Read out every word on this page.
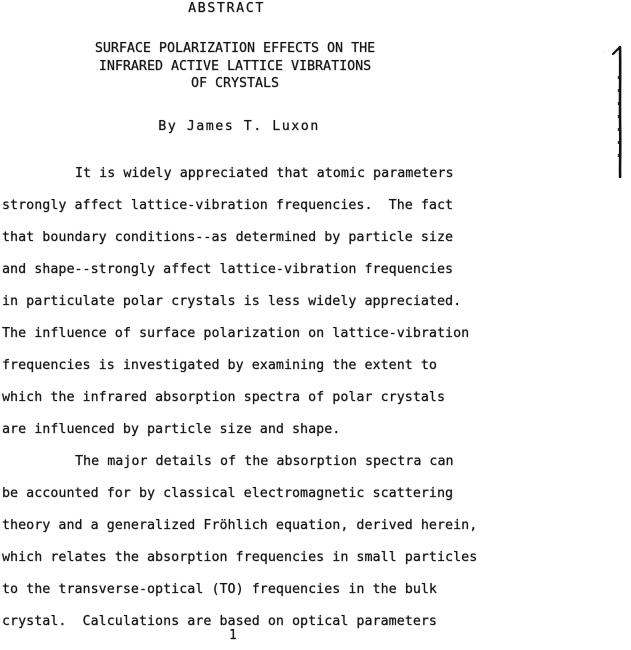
ABSTRACT
SURFACE POLARIZATION EFFECTS ON THE
INFRARED ACTIVE LATTICE VIBRATIONS
OF CRYSTALS
By James T. Luxon
It is widely appreciated that atomic parameters
strongly affect lattice-vibration frequencies.  The fact
that boundary conditions--as determined by particle size
and shape--strongly affect lattice-vibration frequencies
in particulate polar crystals is less widely appreciated.
The influence of surface polarization on lattice-vibration
frequencies is investigated by examining the extent to
which the infrared absorption spectra of polar crystals
are influenced by particle size and shape.
The major details of the absorption spectra can
be accounted for by classical electromagnetic scattering
theory and a generalized Fröhlich equation, derived herein,
which relates the absorption frequencies in small particles
to the transverse-optical (TO) frequencies in the bulk
crystal.  Calculations are based on optical parameters
1
